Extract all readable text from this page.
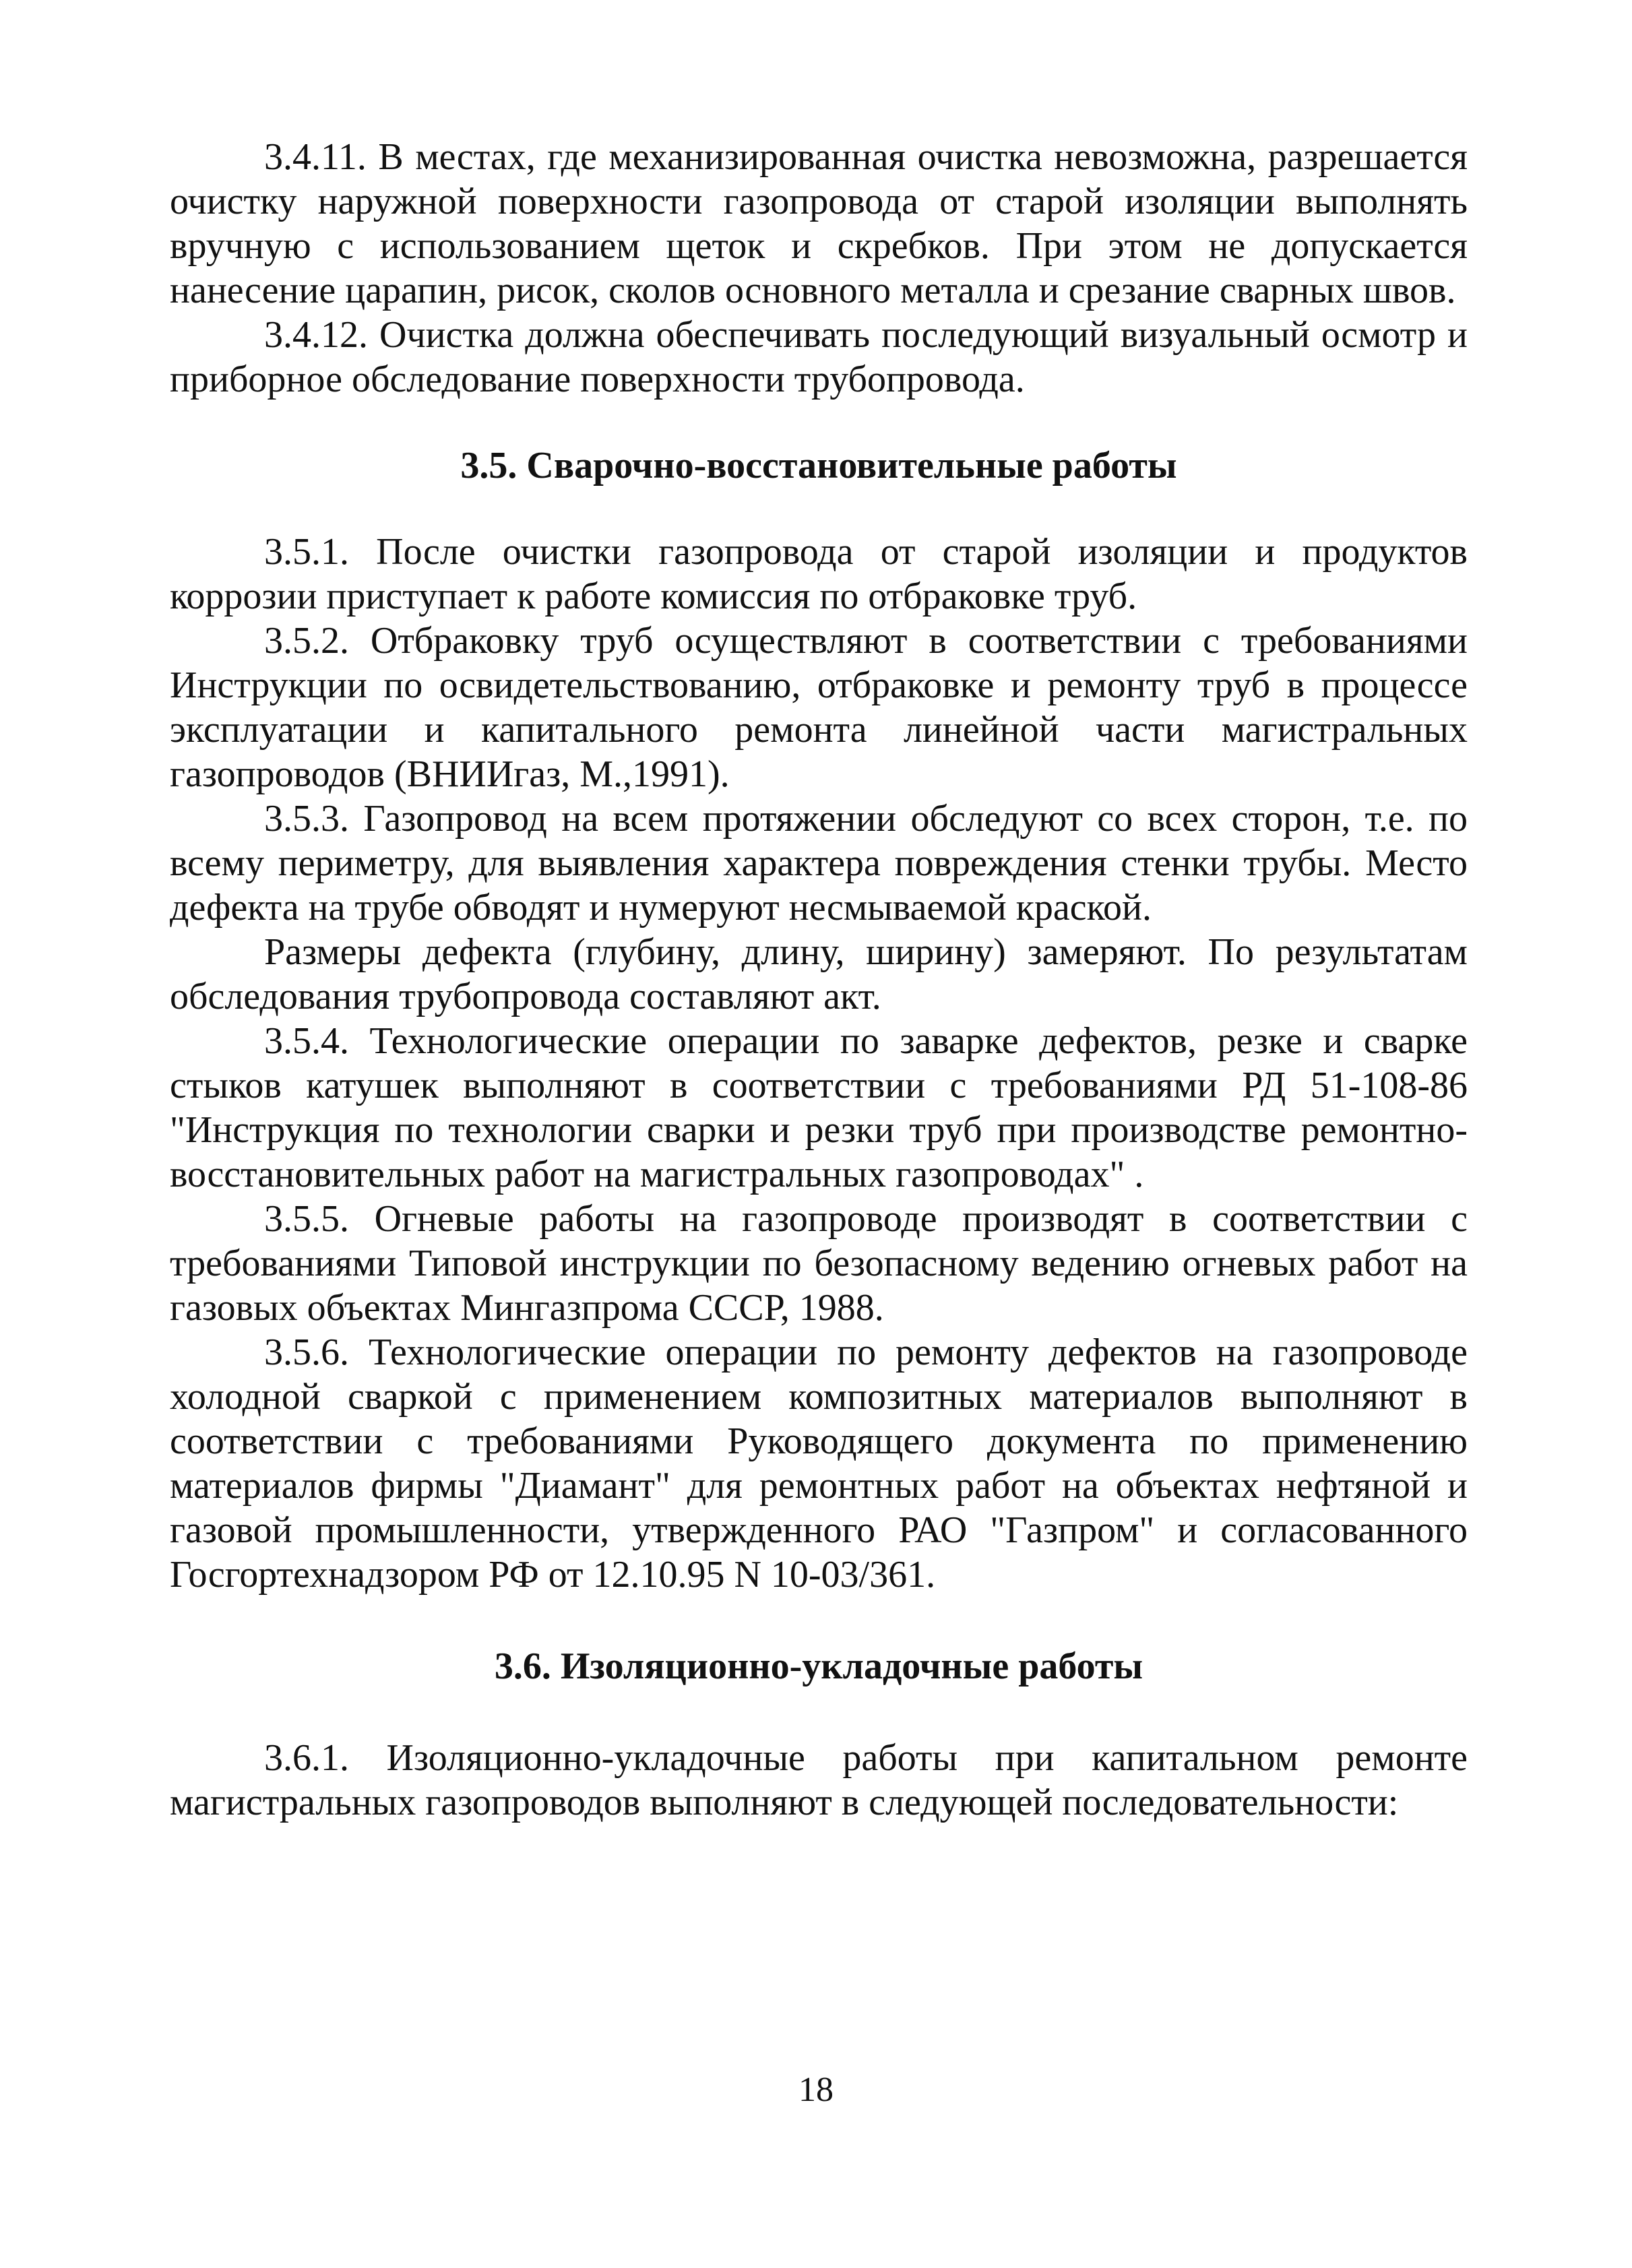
3.4.11. В местах, где механизированная очистка невозможна, разрешается очистку наружной поверхности газопровода от старой изоляции выполнять вручную с использованием щеток и скребков. При этом не допускается нанесение царапин, рисок, сколов основного металла и срезание сварных швов.

3.4.12. Очистка должна обеспечивать последующий визуальный осмотр и приборное обследование поверхности трубопровода.

3.5. Сварочно-восстановительные работы

3.5.1. После очистки газопровода от старой изоляции и продуктов коррозии приступает к работе комиссия по отбраковке труб.

3.5.2. Отбраковку труб осуществляют в соответствии с требованиями Инструкции по освидетельствованию, отбраковке и ремонту труб в процессе эксплуатации и капитального ремонта линейной части магистральных газопроводов (ВНИИгаз, М.,1991).

3.5.3. Газопровод на всем протяжении обследуют со всех сторон, т.е. по всему периметру, для выявления характера повреждения стенки трубы. Место дефекта на трубе обводят и нумеруют несмываемой краской.

Размеры дефекта (глубину, длину, ширину) замеряют. По результатам обследования трубопровода составляют акт.

3.5.4. Технологические операции по заварке дефектов, резке и сварке стыков катушек выполняют в соответствии с требованиями РД 51-108-86 "Инструкция по технологии сварки и резки труб при производстве ремонтно-восстановительных работ на магистральных газопроводах" .

3.5.5. Огневые работы на газопроводе производят в соответствии с требованиями Типовой инструкции по безопасному ведению огневых работ на газовых объектах Мингазпрома СССР, 1988.

3.5.6. Технологические операции по ремонту дефектов на газопроводе холодной сваркой с применением композитных материалов выполняют в соответствии с требованиями Руководящего документа по применению материалов фирмы "Диамант" для ремонтных работ на объектах нефтяной и газовой промышленности, утвержденного РАО "Газпром" и согласованного Госгортехнадзором РФ от 12.10.95 N 10-03/361.

3.6. Изоляционно-укладочные работы

3.6.1. Изоляционно-укладочные работы при капитальном ремонте магистральных газопроводов выполняют в следующей последовательности:

18
